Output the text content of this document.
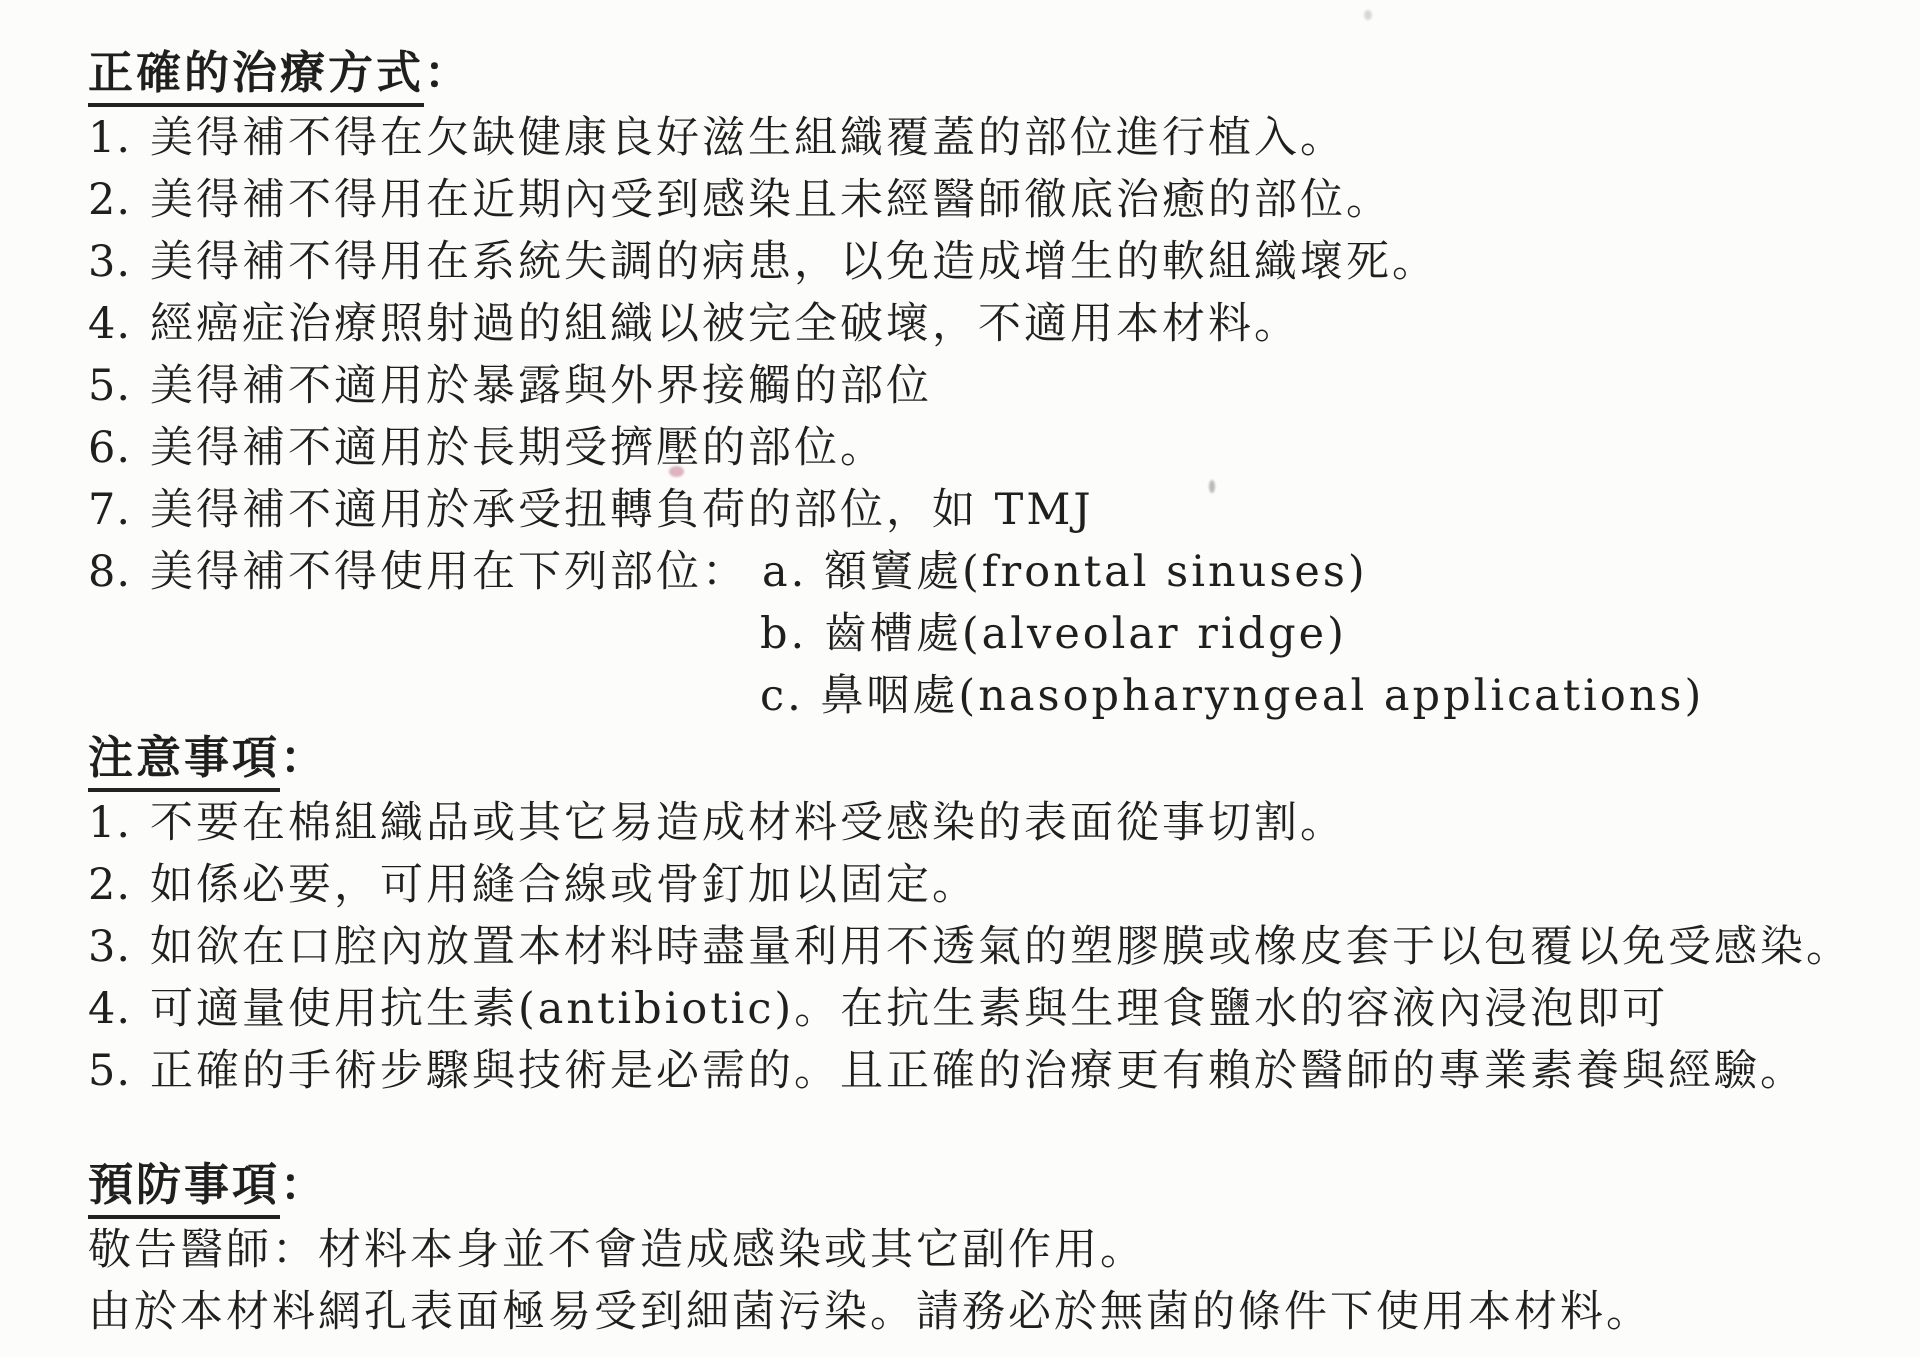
正確的治療方式：
1. 美得補不得在欠缺健康良好滋生組織覆蓋的部位進行植入。
2. 美得補不得用在近期內受到感染且未經醫師徹底治癒的部位。
3. 美得補不得用在系統失調的病患，以免造成增生的軟組織壞死。
4. 經癌症治療照射過的組織以被完全破壞，不適用本材料。
5. 美得補不適用於暴露與外界接觸的部位
6. 美得補不適用於長期受擠壓的部位。
7. 美得補不適用於承受扭轉負荷的部位，如 TMJ
8. 美得補不得使用在下列部位： a. 額竇處(frontal sinuses)
b. 齒槽處(alveolar ridge)
c. 鼻咽處(nasopharyngeal applications)
注意事項：
1. 不要在棉組織品或其它易造成材料受感染的表面從事切割。
2. 如係必要，可用縫合線或骨釘加以固定。
3. 如欲在口腔內放置本材料時盡量利用不透氣的塑膠膜或橡皮套于以包覆以免受感染。
4. 可適量使用抗生素(antibiotic)。在抗生素與生理食鹽水的容液內浸泡即可
5. 正確的手術步驟與技術是必需的。且正確的治療更有賴於醫師的專業素養與經驗。
預防事項：
敬告醫師：材料本身並不會造成感染或其它副作用。
由於本材料網孔表面極易受到細菌污染。請務必於無菌的條件下使用本材料。
